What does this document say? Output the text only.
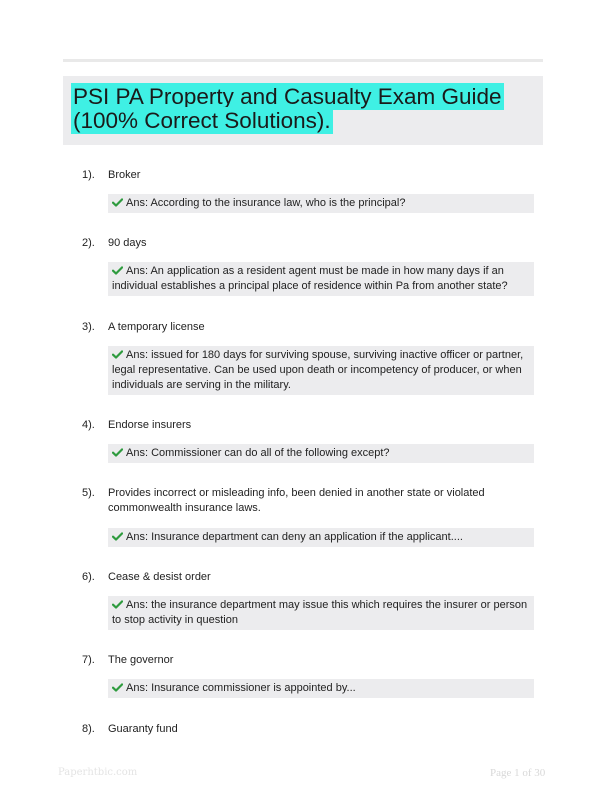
PSI PA Property and Casualty Exam Guide (100% Correct Solutions).
1). Broker
Ans: According to the insurance law, who is the principal?
2). 90 days
Ans: An application as a resident agent must be made in how many days if an individual establishes a principal place of residence within Pa from another state?
3). A temporary license
Ans: issued for 180 days for surviving spouse, surviving inactive officer or partner, legal representative. Can be used upon death or incompetency of producer, or when individuals are serving in the military.
4). Endorse insurers
Ans: Commissioner can do all of the following except?
5). Provides incorrect or misleading info, been denied in another state or violated commonwealth insurance laws.
Ans: Insurance department can deny an application if the applicant....
6). Cease & desist order
Ans: the insurance department may issue this which requires the insurer or person to stop activity in question
7). The governor
Ans: Insurance commissioner is appointed by...
8). Guaranty fund
Paperhtbic.com	Page 1 of 30
